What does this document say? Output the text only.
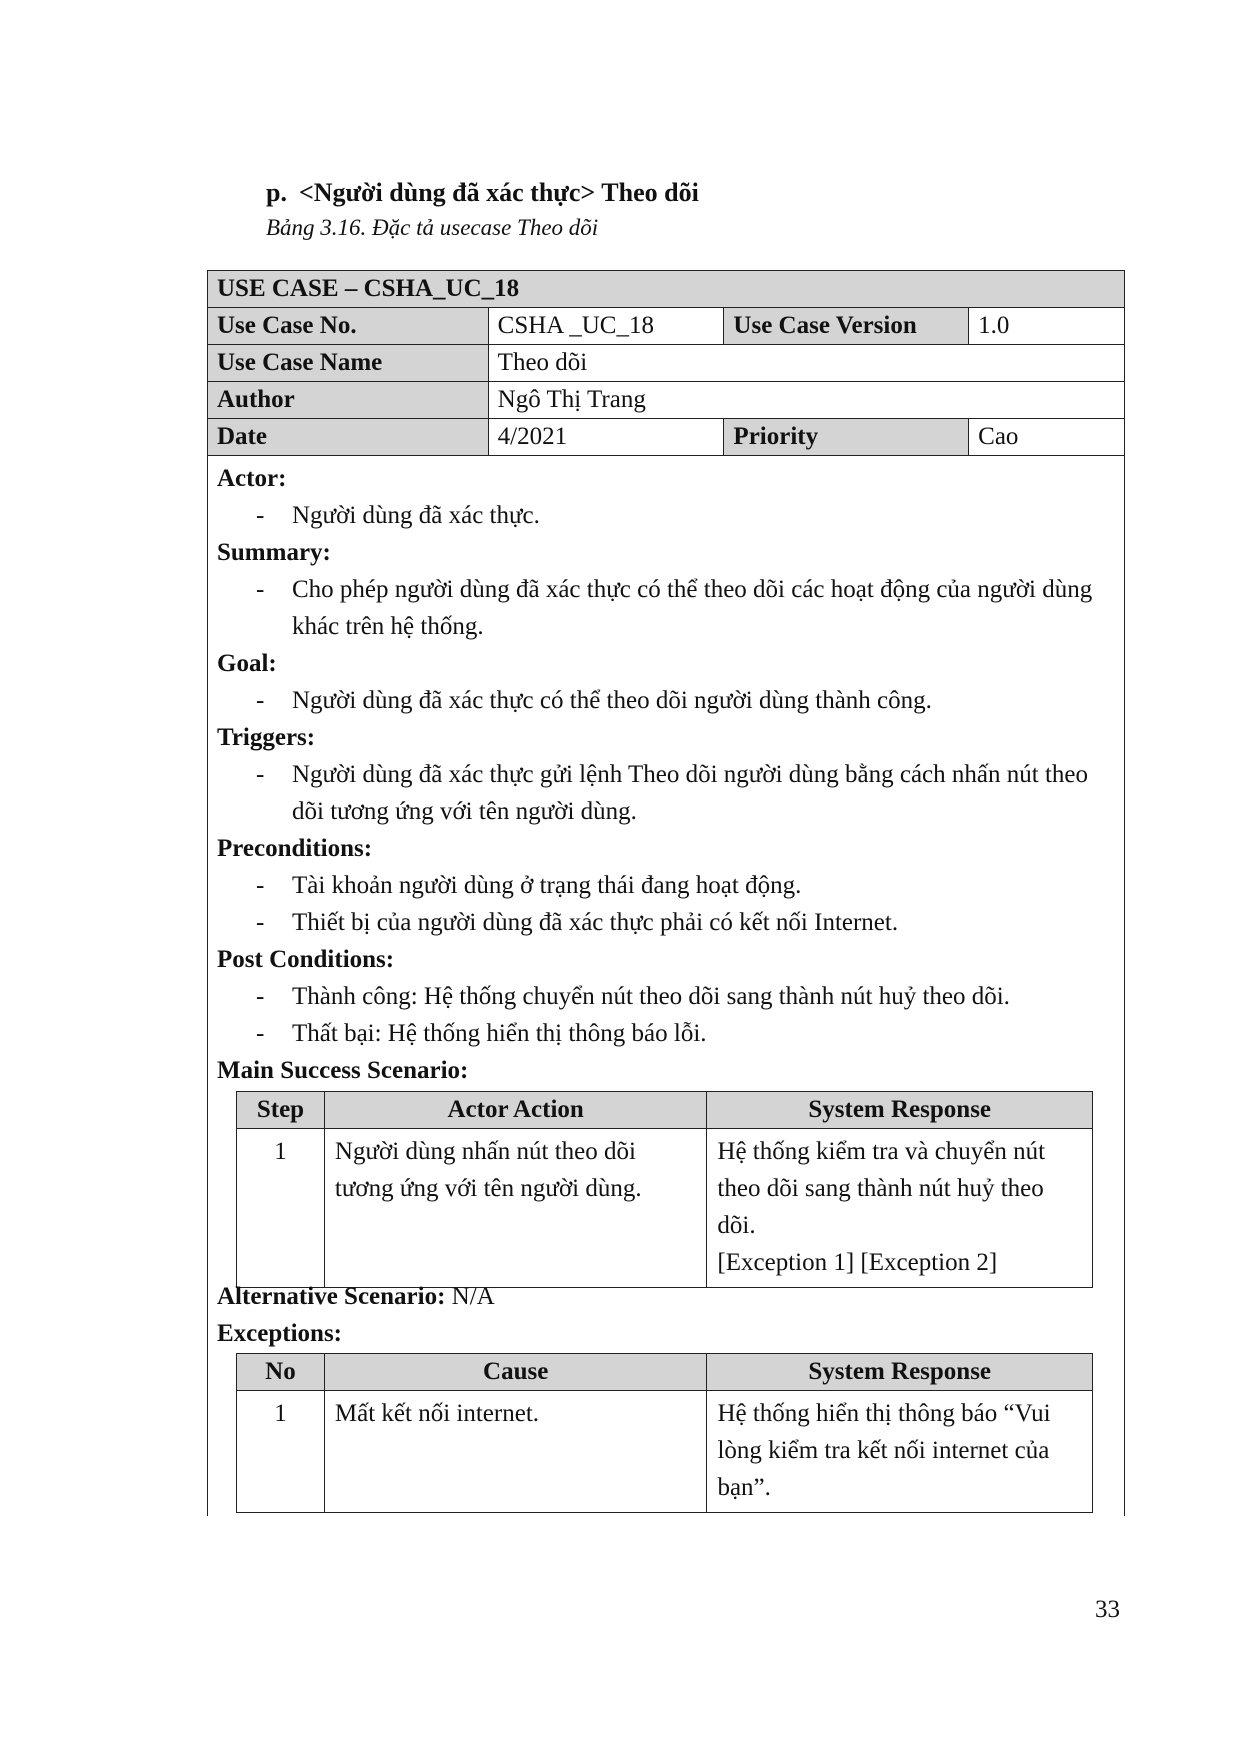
p. <Người dùng đã xác thực> Theo dõi
Bảng 3.16. Đặc tả usecase Theo dõi
USE CASE – CSHA_UC_18			
Use Case No.	CSHA _UC_18	Use Case Version	1.0
Use Case Name	Theo dõi		
Author	Ngô Thị Trang		
Date	4/2021	Priority	Cao
Actor:
- Người dùng đã xác thực.
Summary:
- Cho phép người dùng đã xác thực có thể theo dõi các hoạt động của người dùng khác trên hệ thống.
Goal:
- Người dùng đã xác thực có thể theo dõi người dùng thành công.
Triggers:
- Người dùng đã xác thực gửi lệnh Theo dõi người dùng bằng cách nhấn nút theo dõi tương ứng với tên người dùng.
Preconditions:
- Tài khoản người dùng ở trạng thái đang hoạt động.
- Thiết bị của người dùng đã xác thực phải có kết nối Internet.
Post Conditions:
- Thành công: Hệ thống chuyển nút theo dõi sang thành nút huỷ theo dõi.
- Thất bại: Hệ thống hiển thị thông báo lỗi.
Main Success Scenario:
Step	Actor Action	System Response
1	Người dùng nhấn nút theo dõi tương ứng với tên người dùng.	Hệ thống kiểm tra và chuyển nút theo dõi sang thành nút huỷ theo dõi.
[Exception 1] [Exception 2]
Alternative Scenario: N/A
Exceptions:
No	Cause	System Response
1	Mất kết nối internet.	Hệ thống hiển thị thông báo “Vui lòng kiểm tra kết nối internet của bạn”.
33
